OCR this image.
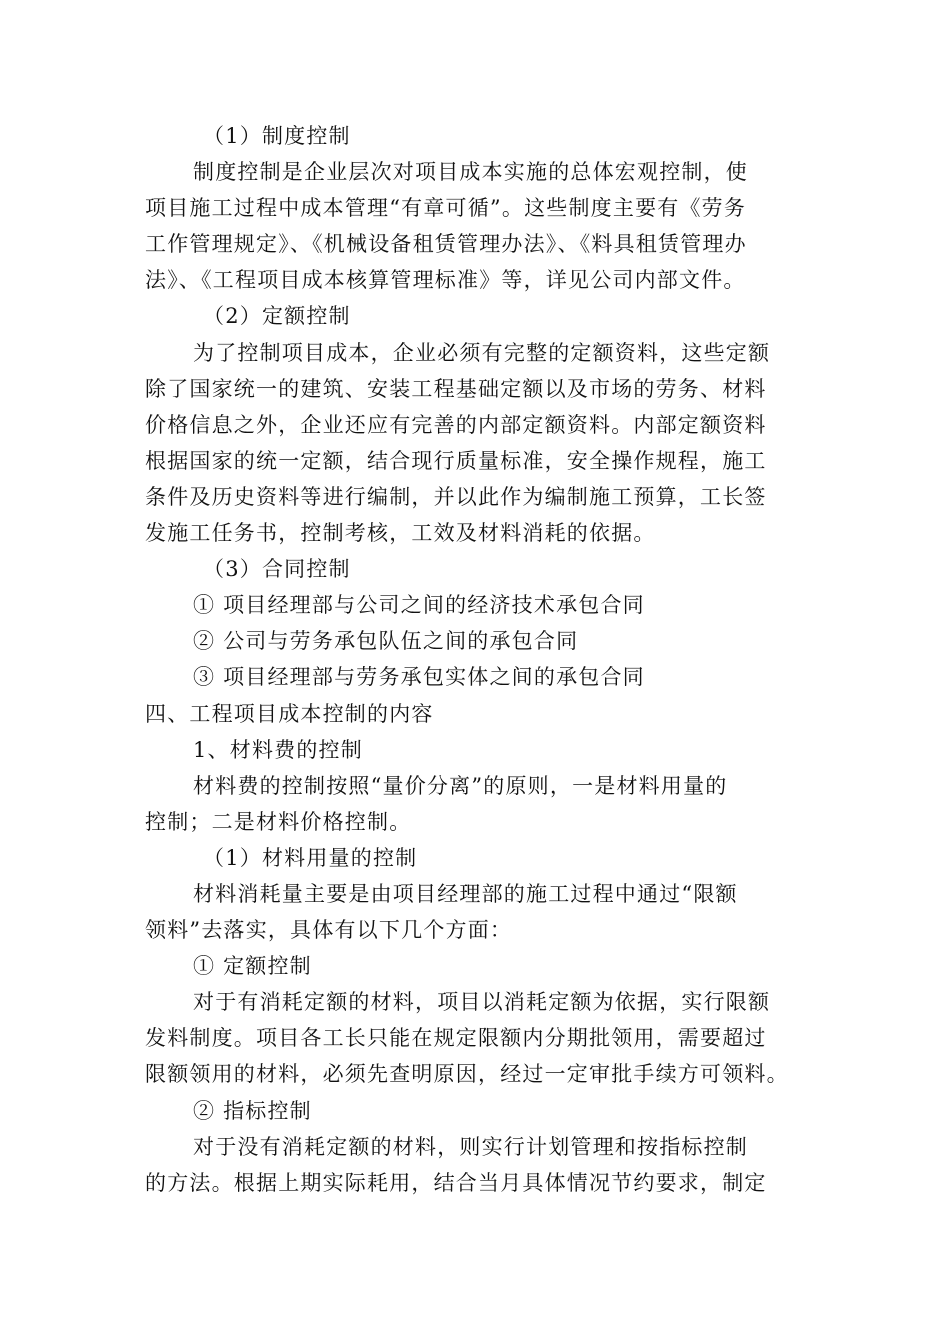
（1）制度控制
制度控制是企业层次对项目成本实施的总体宏观控制，使
项目施工过程中成本管理“有章可循”。这些制度主要有《劳务
工作管理规定》、《机械设备租赁管理办法》、《料具租赁管理办
法》、《工程项目成本核算管理标准》等，详见公司内部文件。
（2）定额控制
为了控制项目成本，企业必须有完整的定额资料，这些定额
除了国家统一的建筑、安装工程基础定额以及市场的劳务、材料
价格信息之外，企业还应有完善的内部定额资料。内部定额资料
根据国家的统一定额，结合现行质量标准，安全操作规程，施工
条件及历史资料等进行编制，并以此作为编制施工预算，工长签
发施工任务书，控制考核，工效及材料消耗的依据。
（3）合同控制
① 项目经理部与公司之间的经济技术承包合同
② 公司与劳务承包队伍之间的承包合同
③ 项目经理部与劳务承包实体之间的承包合同
四、工程项目成本控制的内容
1、材料费的控制
材料费的控制按照“量价分离”的原则，一是材料用量的
控制；二是材料价格控制。
（1）材料用量的控制
材料消耗量主要是由项目经理部的施工过程中通过“限额
领料”去落实，具体有以下几个方面：
① 定额控制
对于有消耗定额的材料，项目以消耗定额为依据，实行限额
发料制度。项目各工长只能在规定限额内分期批领用，需要超过
限额领用的材料，必须先查明原因，经过一定审批手续方可领料。
② 指标控制
对于没有消耗定额的材料，则实行计划管理和按指标控制
的方法。根据上期实际耗用，结合当月具体情况节约要求，制定
